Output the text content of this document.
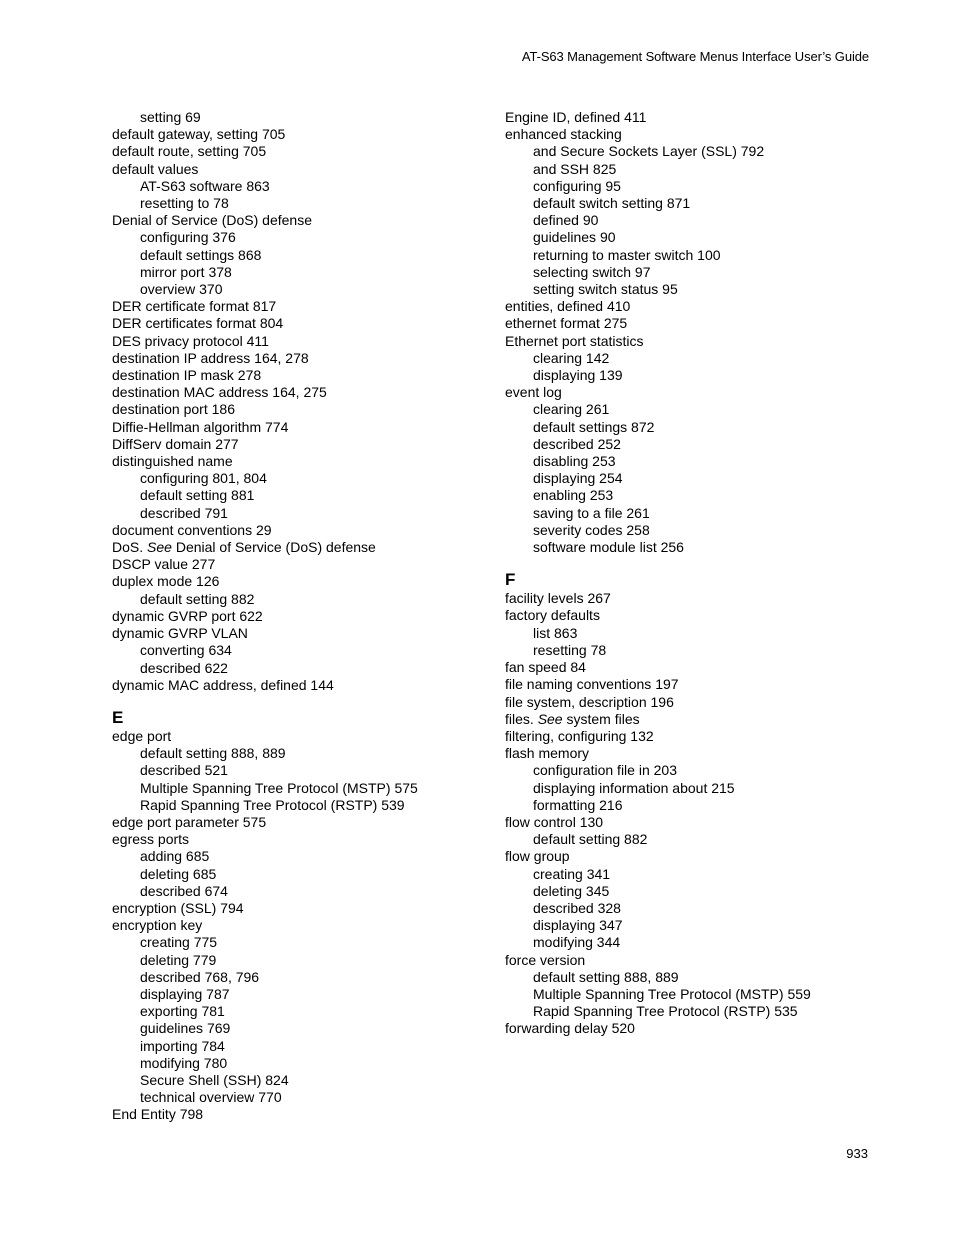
AT-S63 Management Software Menus Interface User’s Guide
setting 69
default gateway, setting 705
default route, setting 705
default values
AT-S63 software 863
resetting to 78
Denial of Service (DoS) defense
configuring 376
default settings 868
mirror port 378
overview 370
DER certificate format 817
DER certificates format 804
DES privacy protocol 411
destination IP address 164, 278
destination IP mask 278
destination MAC address 164, 275
destination port 186
Diffie-Hellman algorithm 774
DiffServ domain 277
distinguished name
configuring 801, 804
default setting 881
described 791
document conventions 29
DoS. See Denial of Service (DoS) defense
DSCP value 277
duplex mode 126
default setting 882
dynamic GVRP port 622
dynamic GVRP VLAN
converting 634
described 622
dynamic MAC address, defined 144
E
edge port
default setting 888, 889
described 521
Multiple Spanning Tree Protocol (MSTP) 575
Rapid Spanning Tree Protocol (RSTP) 539
edge port parameter 575
egress ports
adding 685
deleting 685
described 674
encryption (SSL) 794
encryption key
creating 775
deleting 779
described 768, 796
displaying 787
exporting 781
guidelines 769
importing 784
modifying 780
Secure Shell (SSH) 824
technical overview 770
End Entity 798
Engine ID, defined 411
enhanced stacking
and Secure Sockets Layer (SSL) 792
and SSH 825
configuring 95
default switch setting 871
defined 90
guidelines 90
returning to master switch 100
selecting switch 97
setting switch status 95
entities, defined 410
ethernet format 275
Ethernet port statistics
clearing 142
displaying 139
event log
clearing 261
default settings 872
described 252
disabling 253
displaying 254
enabling 253
saving to a file 261
severity codes 258
software module list 256
F
facility levels 267
factory defaults
list 863
resetting 78
fan speed 84
file naming conventions 197
file system, description 196
files. See system files
filtering, configuring 132
flash memory
configuration file in 203
displaying information about 215
formatting 216
flow control 130
default setting 882
flow group
creating 341
deleting 345
described 328
displaying 347
modifying 344
force version
default setting 888, 889
Multiple Spanning Tree Protocol (MSTP) 559
Rapid Spanning Tree Protocol (RSTP) 535
forwarding delay 520
933
